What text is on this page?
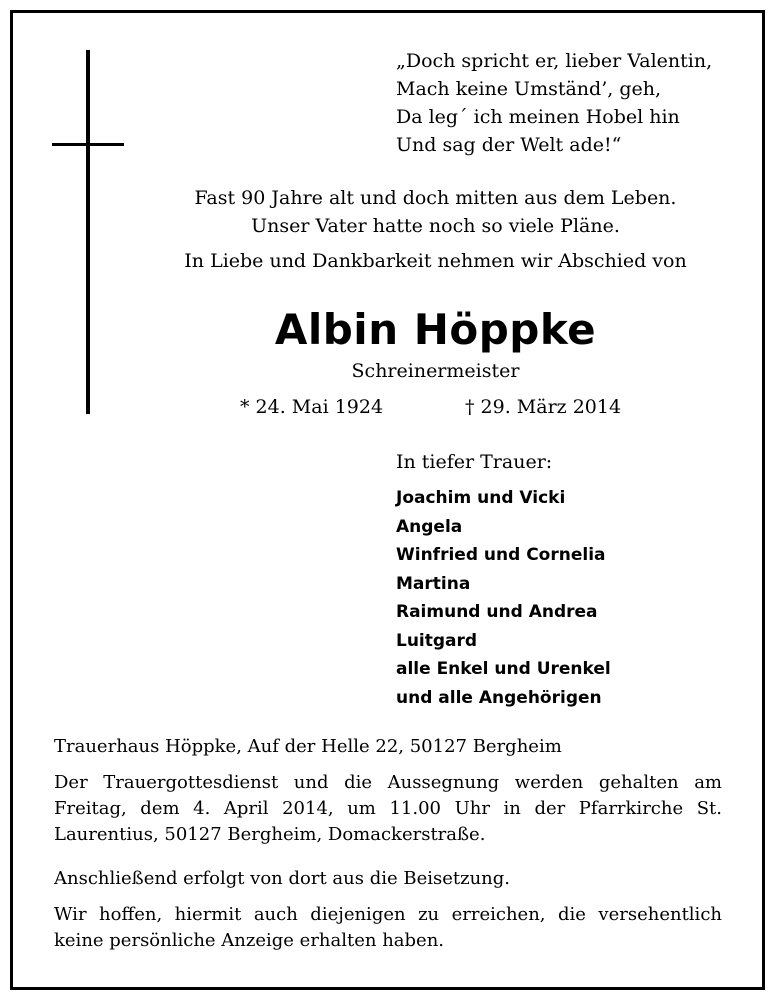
„Doch spricht er, lieber Valentin,
Mach keine Umständ’, geh,
Da leg´ ich meinen Hobel hin
Und sag der Welt ade!“
Fast 90 Jahre alt und doch mitten aus dem Leben.
Unser Vater hatte noch so viele Pläne.
In Liebe und Dankbarkeit nehmen wir Abschied von
Albin Höppke
Schreinermeister
* 24. Mai 1924	† 29. März 2014
In tiefer Trauer:
Joachim und Vicki
Angela
Winfried und Cornelia
Martina
Raimund und Andrea
Luitgard
alle Enkel und Urenkel
und alle Angehörigen
Trauerhaus Höppke, Auf der Helle 22, 50127 Bergheim
Der Trauergottesdienst und die Aussegnung werden gehalten am Freitag, dem 4. April 2014, um 11.00 Uhr in der Pfarrkirche St. Laurentius, 50127 Bergheim, Domackerstraße.
Anschließend erfolgt von dort aus die Beisetzung.
Wir hoffen, hiermit auch diejenigen zu erreichen, die versehentlich keine persönliche Anzeige erhalten haben.
